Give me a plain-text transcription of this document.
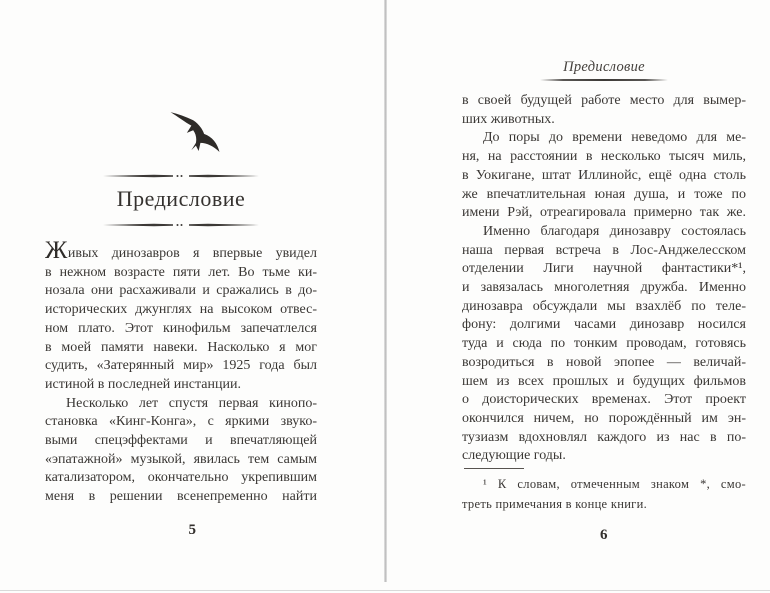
Предисловие
Живых динозавров я впервые увидел
в нежном возрасте пяти лет. Во тьме ки-
нозала они расхаживали и сражались в до-
исторических джунглях на высоком отвес-
ном плато. Этот кинофильм запечатлелся
в моей памяти навеки. Насколько я мог
судить, «Затерянный мир» 1925 года был
истиной в последней инстанции.
Несколько лет спустя первая кинопо-
становка «Кинг-Конга», с яркими звуко-
выми спецэффектами и впечатляющей
«эпатажной» музыкой, явилась тем самым
катализатором, окончательно укрепившим
меня в решении всенепременно найти
5
Предисловие
в своей будущей работе место для вымер-
ших животных.
До поры до времени неведомо для ме-
ня, на расстоянии в несколько тысяч миль,
в Уокигане, штат Иллинойс, ещё одна столь
же впечатлительная юная душа, и тоже по
имени Рэй, отреагировала примерно так же.
Именно благодаря динозавру состоялась
наша первая встреча в Лос-Анджелесском
отделении Лиги научной фантастики*¹,
и завязалась многолетняя дружба. Именно
динозавра обсуждали мы взахлёб по теле-
фону: долгими часами динозавр носился
туда и сюда по тонким проводам, готовясь
возродиться в новой эпопее — величай-
шем из всех прошлых и будущих фильмов
о доисторических временах. Этот проект
окончился ничем, но порождённый им эн-
тузиазм вдохновлял каждого из нас в по-
следующие годы.
¹ К словам, отмеченным знаком *, смо-
треть примечания в конце книги.
6
